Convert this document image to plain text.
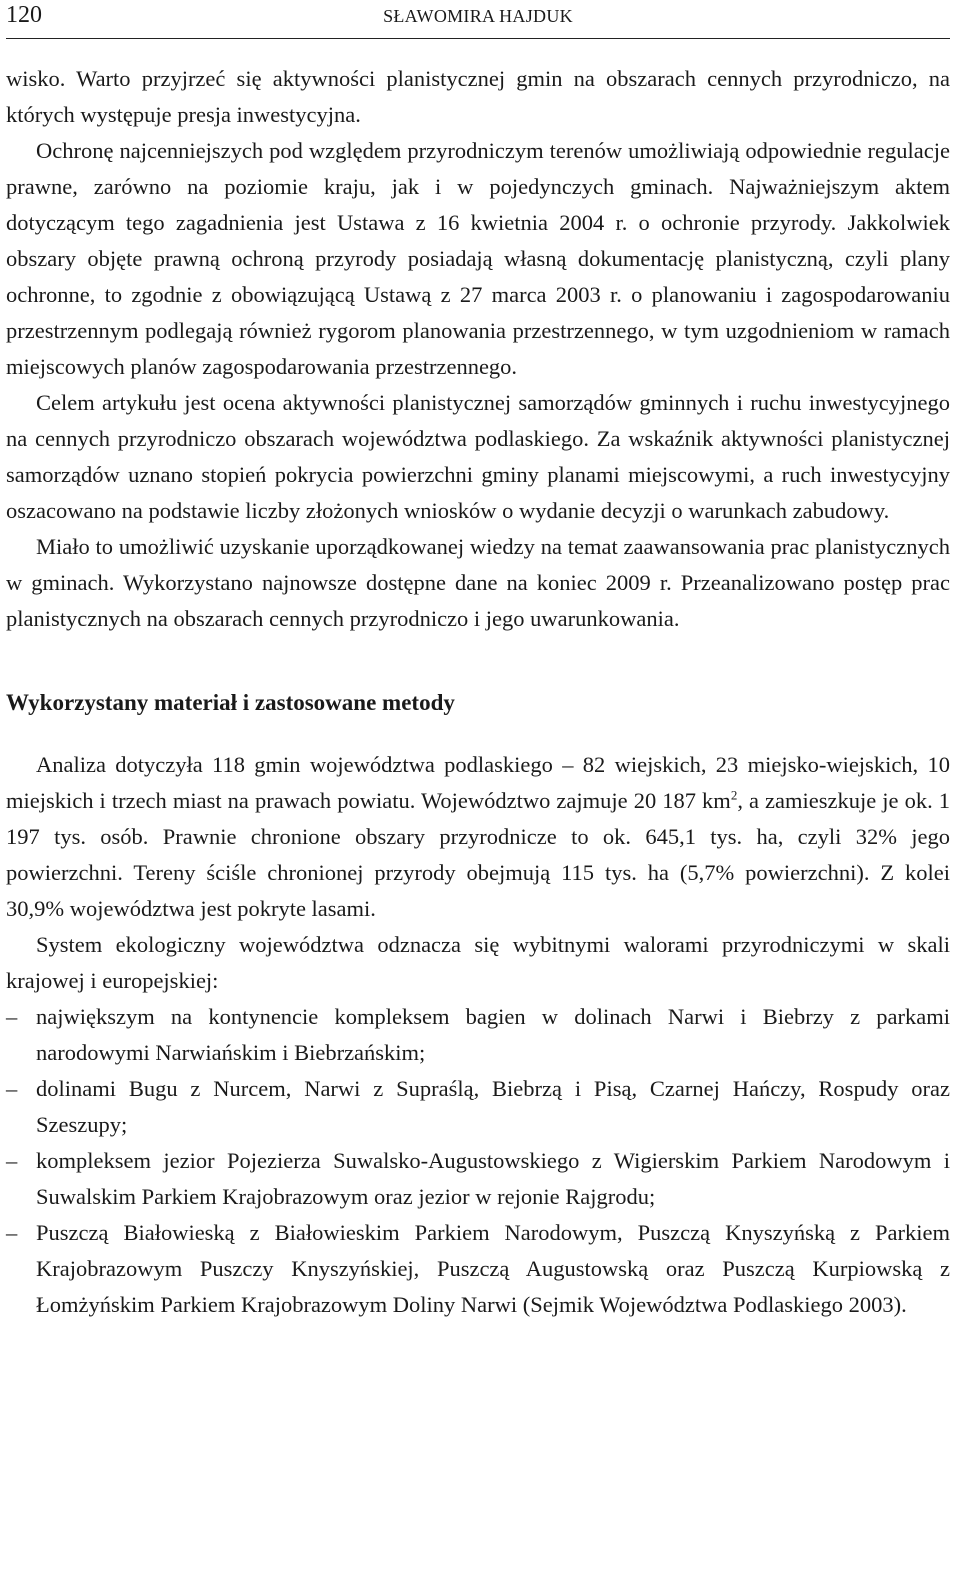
120	SŁAWOMIRA HAJDUK

wisko. Warto przyjrzeć się aktywności planistycznej gmin na obszarach cennych przyrodniczo, na których występuje presja inwestycyjna.

Ochronę najcenniejszych pod względem przyrodniczym terenów umożliwiają odpowiednie regulacje prawne, zarówno na poziomie kraju, jak i w pojedynczych gminach. Najważniejszym aktem dotyczącym tego zagadnienia jest Ustawa z 16 kwietnia 2004 r. o ochronie przyrody. Jakkolwiek obszary objęte prawną ochroną przyrody posiadają własną dokumentację planistyczną, czyli plany ochronne, to zgodnie z obowiązującą Ustawą z 27 marca 2003 r. o planowaniu i zagospodarowaniu przestrzennym podlegają również rygorom planowania przestrzennego, w tym uzgodnieniom w ramach miejscowych planów zagospodarowania przestrzennego.

Celem artykułu jest ocena aktywności planistycznej samorządów gminnych i ruchu inwestycyjnego na cennych przyrodniczo obszarach województwa podlaskiego. Za wskaźnik aktywności planistycznej samorządów uznano stopień pokrycia powierzchni gminy planami miejscowymi, a ruch inwestycyjny oszacowano na podstawie liczby złożonych wniosków o wydanie decyzji o warunkach zabudowy.

Miało to umożliwić uzyskanie uporządkowanej wiedzy na temat zaawansowania prac planistycznych w gminach. Wykorzystano najnowsze dostępne dane na koniec 2009 r. Przeanalizowano postęp prac planistycznych na obszarach cennych przyrodniczo i jego uwarunkowania.

Wykorzystany materiał i zastosowane metody

Analiza dotyczyła 118 gmin województwa podlaskiego – 82 wiejskich, 23 miejsko-wiejskich, 10 miejskich i trzech miast na prawach powiatu. Województwo zajmuje 20 187 $km^2$, a zamieszkuje je ok. 1 197 tys. osób. Prawnie chronione obszary przyrodnicze to ok. 645,1 tys. ha, czyli 32% jego powierzchni. Tereny ściśle chronionej przyrody obejmują 115 tys. ha (5,7% powierzchni). Z kolei 30,9% województwa jest pokryte lasami.

System ekologiczny województwa odznacza się wybitnymi walorami przyrodniczymi w skali krajowej i europejskiej:

– największym na kontynencie kompleksem bagien w dolinach Narwi i Biebrzy z parkami narodowymi Narwiańskim i Biebrzańskim;
– dolinami Bugu z Nurcem, Narwi z Supraślą, Biebrzą i Pisą, Czarnej Hańczy, Rospudy oraz Szeszupy;
– kompleksem jezior Pojezierza Suwalsko-Augustowskiego z Wigierskim Parkiem Narodowym i Suwalskim Parkiem Krajobrazowym oraz jezior w rejonie Rajgrodu;
– Puszczą Białowieską z Białowieskim Parkiem Narodowym, Puszczą Knyszyńską z Parkiem Krajobrazowym Puszczy Knyszyńskiej, Puszczą Augustowską oraz Puszczą Kurpiowską z Łomżyńskim Parkiem Krajobrazowym Doliny Narwi (Sejmik Województwa Podlaskiego 2003).
